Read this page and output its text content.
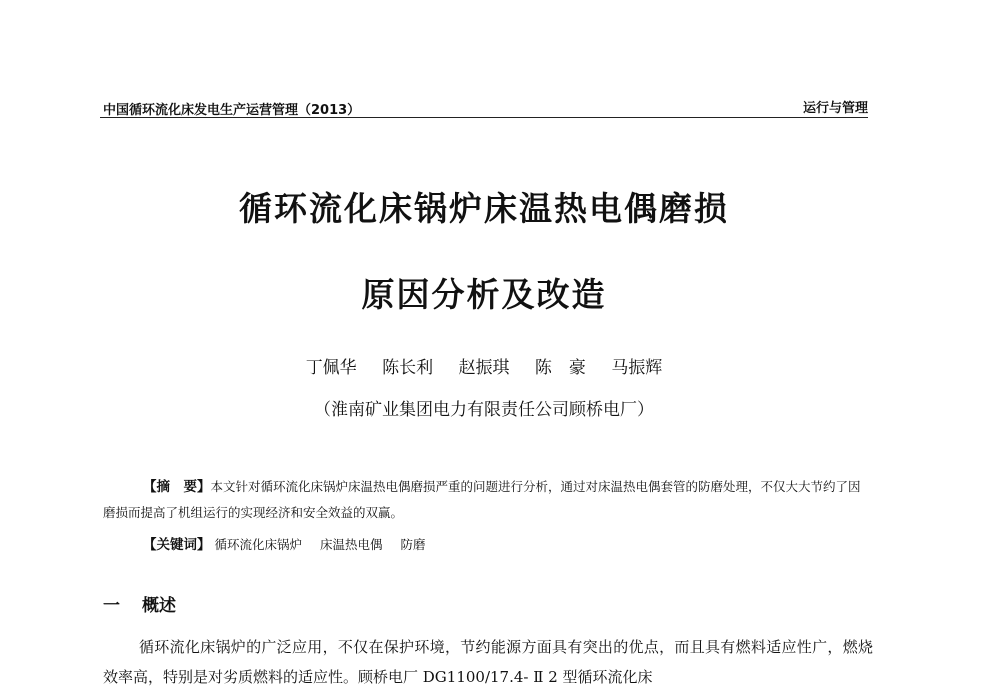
中国循环流化床发电生产运营管理（2013）	运行与管理
循环流化床锅炉床温热电偶磨损
原因分析及改造
丁佩华 陈长利 赵振琪 陈　豪 马振辉
（淮南矿业集团电力有限责任公司顾桥电厂）
【摘　要】本文针对循环流化床锅炉床温热电偶磨损严重的问题进行分析，通过对床温热电偶套管的防磨处理，不仅大大节约了因磨损而提高了机组运行的实现经济和安全效益的双赢。
【关键词】 循环流化床锅炉 床温热电偶 防磨
一 概述
循环流化床锅炉的广泛应用，不仅在保护环境，节约能源方面具有突出的优点，而且具有燃料适应性广，燃烧效率高，特别是对劣质燃料的适应性。顾桥电厂 DG1100/17.4- Ⅱ 2 型循环流化床
